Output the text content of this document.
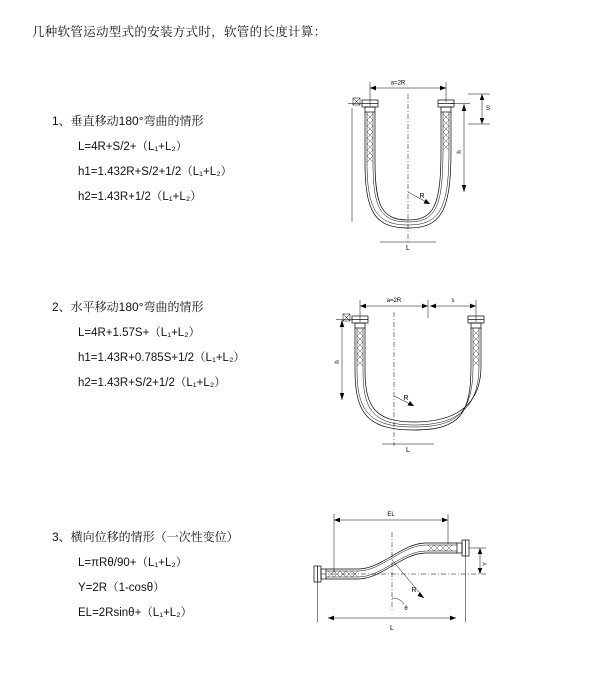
几种软管运动型式的安装方式时，软管的长度计算：
1、垂直移动180°弯曲的情形
L=4R+S/2+（L₁+L₂）
h1=1.432R+S/2+1/2（L₁+L₂）
h2=1.43R+1/2（L₁+L₂）
a=2R
R
h
S
L
2、水平移动180°弯曲的情形
L=4R+1.57S+（L₁+L₂）
h1=1.43R+0.785S+1/2（L₁+L₂）
h2=1.43R+S/2+1/2（L₁+L₂）
a=2R	s
R
h
L
3、横向位移的情形（一次性变位）
L=πRθ/90+（L₁+L₂）
Y=2R（1-cosθ）
EL=2Rsinθ+（L₁+L₂）
EL
R
θ
Y
L
